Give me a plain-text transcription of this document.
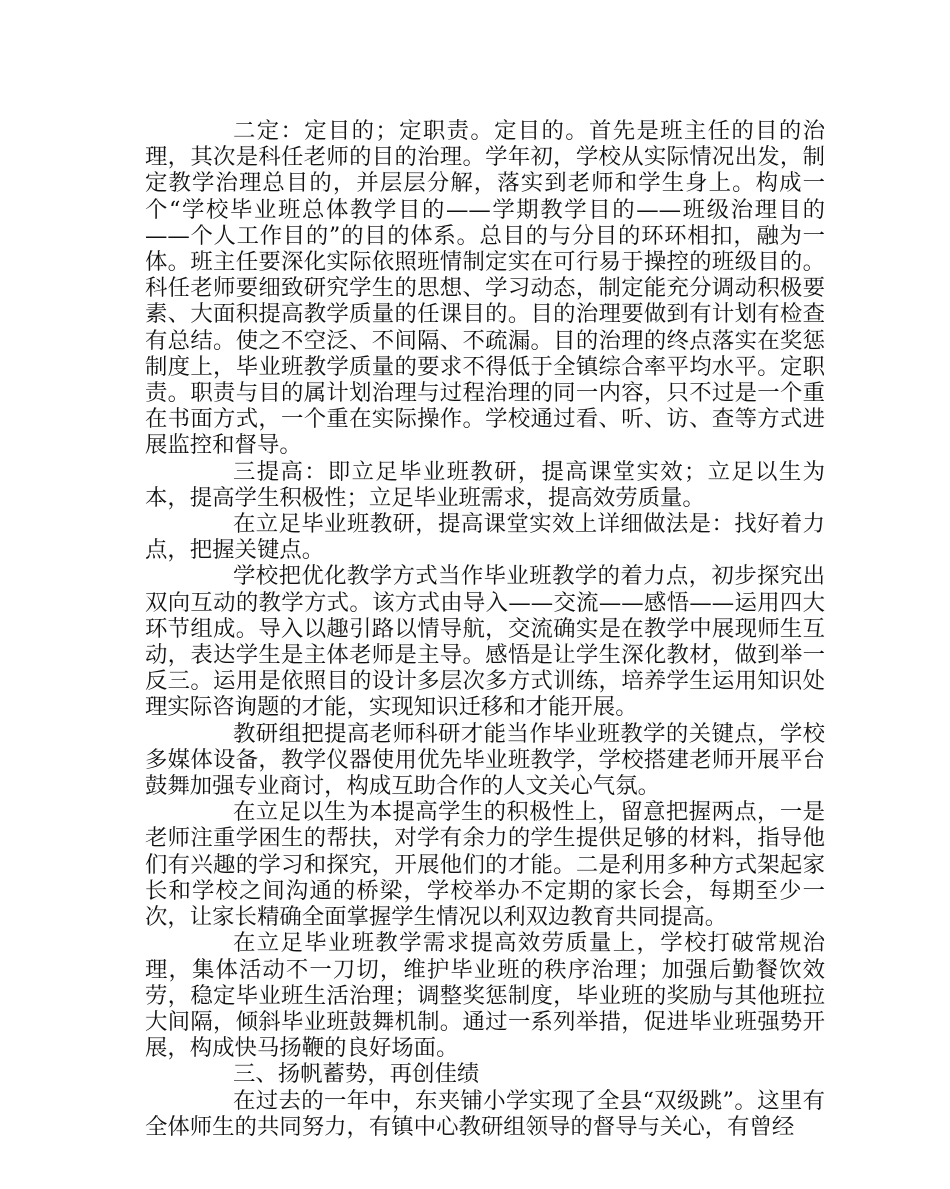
二定：定目的；定职责。定目的。首先是班主任的目的治理，其次是科任老师的目的治理。学年初，学校从实际情况出发，制定教学治理总目的，并层层分解，落实到老师和学生身上。构成一个“学校毕业班总体教学目的——学期教学目的——班级治理目的——个人工作目的”的目的体系。总目的与分目的环环相扣，融为一体。班主任要深化实际依照班情制定实在可行易于操控的班级目的。科任老师要细致研究学生的思想、学习动态，制定能充分调动积极要素、大面积提高教学质量的任课目的。目的治理要做到有计划有检查有总结。使之不空泛、不间隔、不疏漏。目的治理的终点落实在奖惩制度上，毕业班教学质量的要求不得低于全镇综合率平均水平。定职责。职责与目的属计划治理与过程治理的同一内容，只不过是一个重在书面方式，一个重在实际操作。学校通过看、听、访、查等方式进展监控和督导。

三提高：即立足毕业班教研，提高课堂实效；立足以生为本，提高学生积极性；立足毕业班需求，提高效劳质量。

在立足毕业班教研，提高课堂实效上详细做法是：找好着力点，把握关键点。

学校把优化教学方式当作毕业班教学的着力点，初步探究出双向互动的教学方式。该方式由导入——交流——感悟——运用四大环节组成。导入以趣引路以情导航，交流确实是在教学中展现师生互动，表达学生是主体老师是主导。感悟是让学生深化教材，做到举一反三。运用是依照目的设计多层次多方式训练，培养学生运用知识处理实际咨询题的才能，实现知识迁移和才能开展。

教研组把提高老师科研才能当作毕业班教学的关键点，学校多媒体设备，教学仪器使用优先毕业班教学，学校搭建老师开展平台鼓舞加强专业商讨，构成互助合作的人文关心气氛。

在立足以生为本提高学生的积极性上，留意把握两点，一是老师注重学困生的帮扶，对学有余力的学生提供足够的材料，指导他们有兴趣的学习和探究，开展他们的才能。二是利用多种方式架起家长和学校之间沟通的桥梁，学校举办不定期的家长会，每期至少一次，让家长精确全面掌握学生情况以利双边教育共同提高。

在立足毕业班教学需求提高效劳质量上，学校打破常规治理，集体活动不一刀切，维护毕业班的秩序治理；加强后勤餐饮效劳，稳定毕业班生活治理；调整奖惩制度，毕业班的奖励与其他班拉大间隔，倾斜毕业班鼓舞机制。通过一系列举措，促进毕业班强势开展，构成快马扬鞭的良好场面。

三、扬帆蓄势，再创佳绩

在过去的一年中，东夹铺小学实现了全县“双级跳”。这里有全体师生的共同努力，有镇中心教研组领导的督导与关心，有曾经
